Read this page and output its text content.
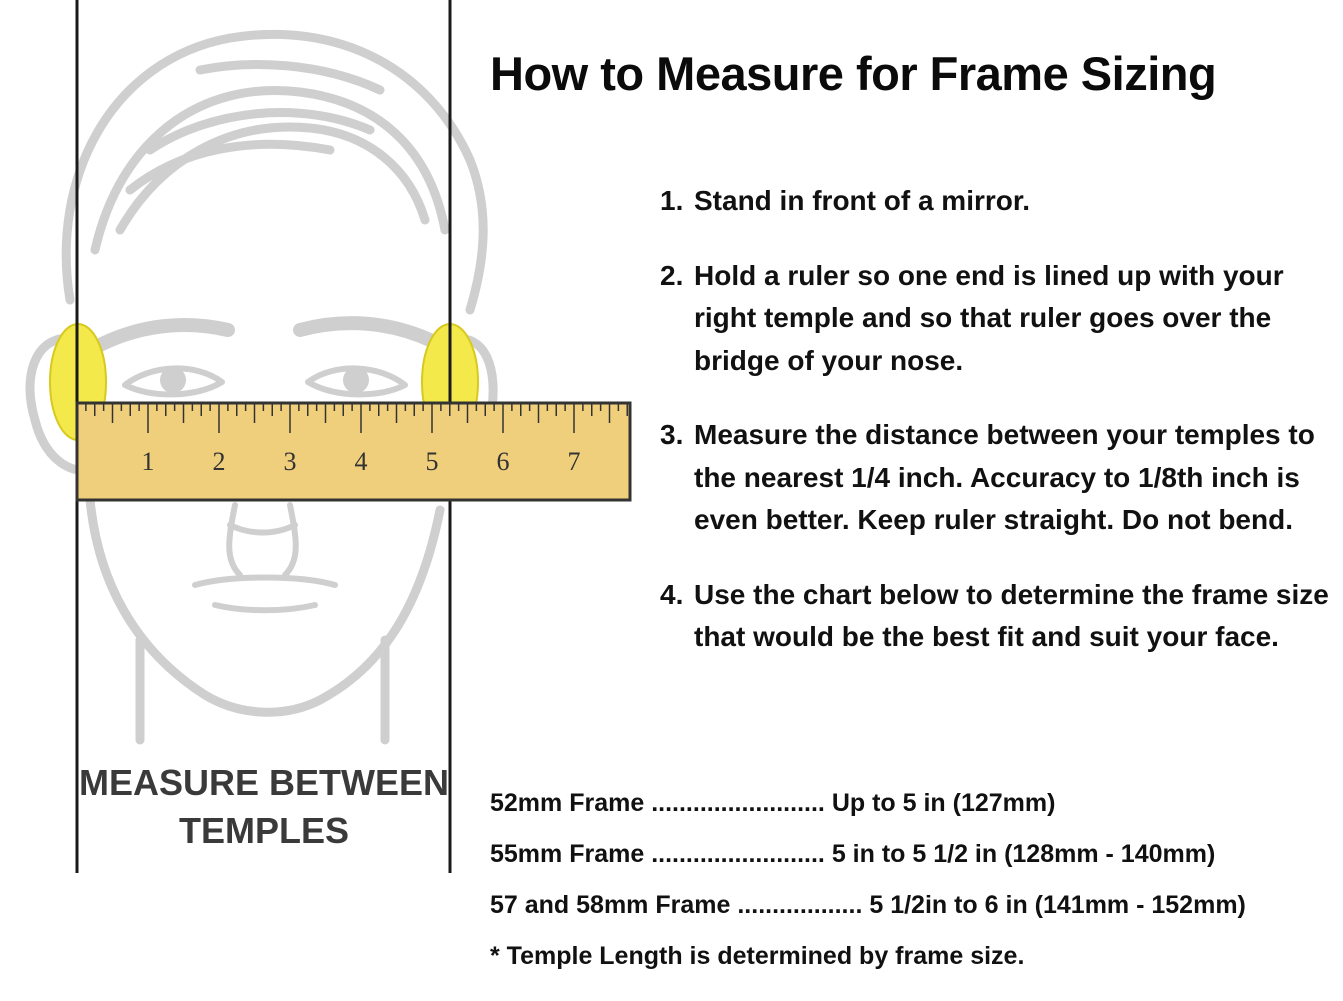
1 2 3 4 5 6 7
MEASURE BETWEEN
TEMPLES
How to Measure for Frame Sizing
1. Stand in front of a mirror.
2. Hold a ruler so one end is lined up with your right temple and so that ruler goes over the bridge of your nose.
3. Measure the distance between your temples to the nearest 1/4 inch. Accuracy to 1/8th inch is even better. Keep ruler straight. Do not bend.
4. Use the chart below to determine the frame size that would be the best fit and suit your face.
52mm Frame ......................... Up to 5 in (127mm)
55mm Frame ......................... 5 in to 5 1/2 in (128mm - 140mm)
57 and 58mm Frame .................. 5 1/2in to 6 in (141mm - 152mm)
* Temple Length is determined by frame size.
